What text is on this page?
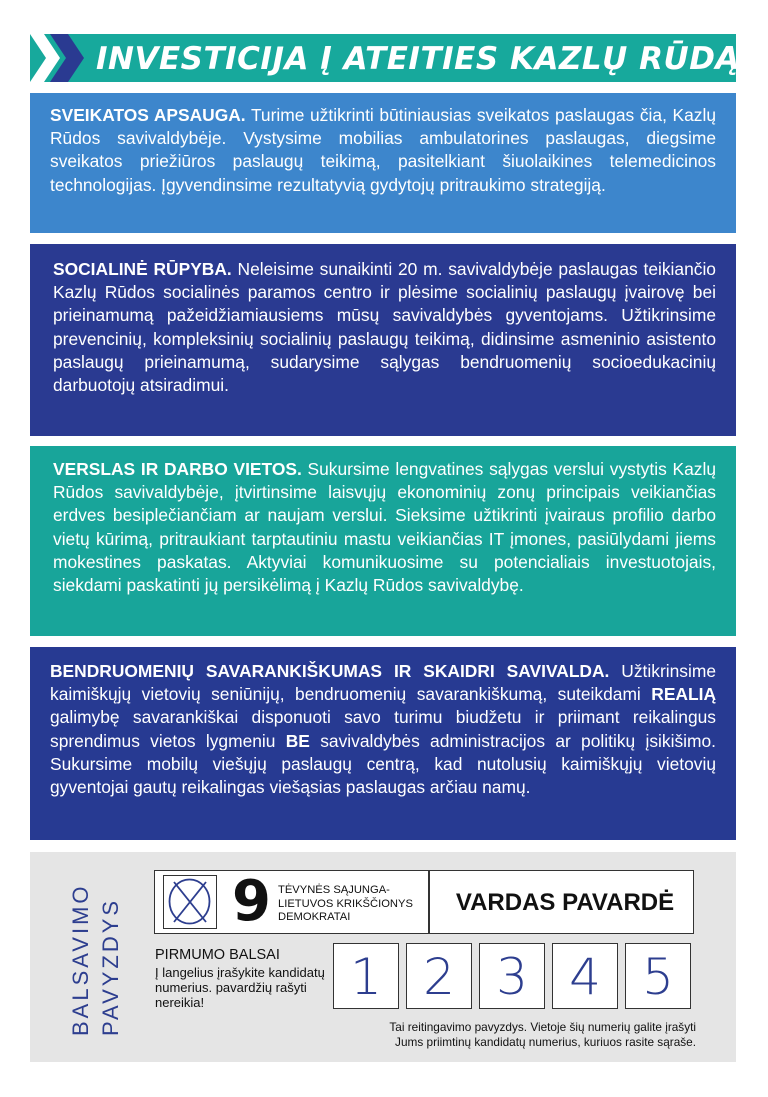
INVESTICIJA Į ATEITIES KAZLŲ RŪDĄ
SVEIKATOS APSAUGA. Turime užtikrinti būtiniausias sveikatos paslaugas čia, Kazlų Rūdos savivaldybėje. Vystysime mobilias ambulatorines paslaugas, diegsime sveikatos priežiūros paslaugų teikimą, pasitelkiant šiuolaikines telemedicinos technologijas. Įgyvendinsime rezultatyvią gydytojų pritraukimo strategiją.
SOCIALINĖ RŪPYBA. Neleisime sunaikinti 20 m. savivaldybėje paslaugas teikiančio Kazlų Rūdos socialinės paramos centro ir plėsime socialinių paslaugų įvairovę bei prieinamumą pažeidžiamiausiems mūsų savivaldybės gyventojams. Užtikrinsime prevencinių, kompleksinių socialinių paslaugų teikimą, didinsime asmeninio asistento paslaugų prieinamumą, sudarysime sąlygas bendruomenių socioedukacinių darbuotojų atsiradimui.
VERSLAS IR DARBO VIETOS. Sukursime lengvatines sąlygas verslui vystytis Kazlų Rūdos savivaldybėje, įtvirtinsime laisvųjų ekonominių zonų principais veikiančias erdves besiplečiančiam ar naujam verslui. Sieksime užtikrinti įvairaus profilio darbo vietų kūrimą, pritraukiant tarptautiniu mastu veikiančias IT įmones, pasiūlydami jiems mokestines paskatas. Aktyviai komunikuosime su potencialiais investuotojais, siekdami paskatinti jų persikėlimą į Kazlų Rūdos savivaldybę.
BENDRUOMENIŲ SAVARANKIŠKUMAS IR SKAIDRI SAVIVALDA. Užtikrinsime kaimiškųjų vietovių seniūnijų, bendruomenių savarankiškumą, suteikdami REALIĄ galimybę savarankiškai disponuoti savo turimu biudžetu ir priimant reikalingus sprendimus vietos lygmeniu BE savivaldybės administracijos ar politikų įsikišimo. Sukursime mobilų viešųjų paslaugų centrą, kad nutolusių kaimiškųjų vietovių gyventojai gautų reikalingas viešąsias paslaugas arčiau namų.
BALSAVIMO PAVYZDYS 9 TĖVYNĖS SĄJUNGA-
LIETUVOS KRIKŠČIONYS
DEMOKRATAI
VARDAS PAVARDĖ
PIRMUMO BALSAI
Į langelius įrašykite kandidatų numerius. pavardžių rašyti nereikia!	1 2 3 4 5
Tai reitingavimo pavyzdys. Vietoje šių numerių galite įrašyti
Jums priimtinų kandidatų numerius, kuriuos rasite sąraše.
